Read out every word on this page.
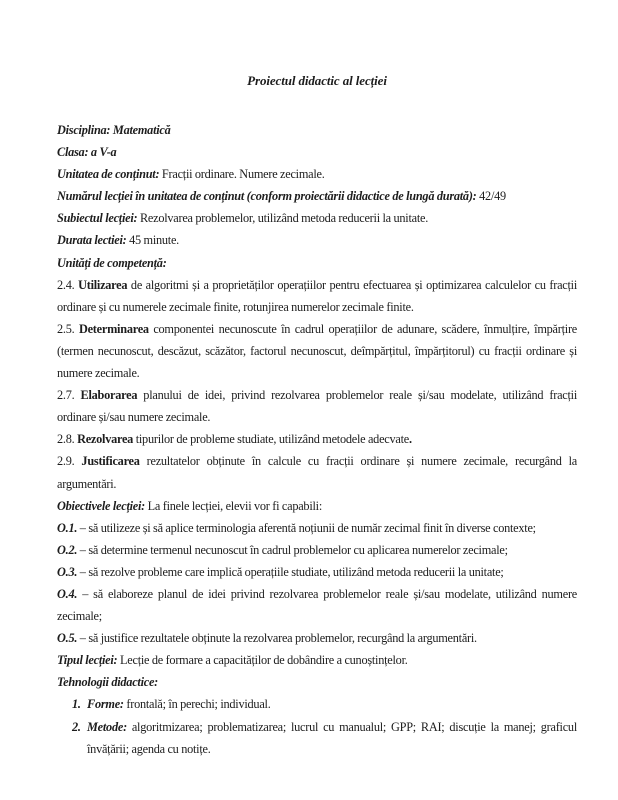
Proiectul didactic al lecției

Disciplina: Matematică

Clasa: a V-a

Unitatea de conținut: Fracții ordinare. Numere zecimale.

Numărul lecției în unitatea de conținut (conform proiectării didactice de lungă durată): 42/49

Subiectul lecției: Rezolvarea problemelor, utilizând metoda reducerii la unitate.

Durata lectiei: 45 minute.

Unități de competență:

2.4. Utilizarea de algoritmi și a proprietăților operațiilor pentru efectuarea și optimizarea calculelor cu fracții ordinare și cu numerele zecimale finite, rotunjirea numerelor zecimale finite.

2.5. Determinarea componentei necunoscute în cadrul operațiilor de adunare, scădere, înmulțire, împărțire (termen necunoscut, descăzut, scăzător, factorul necunoscut, deîmpărțitul, împărțitorul) cu fracții ordinare și numere zecimale.

2.7. Elaborarea planului de idei, privind rezolvarea problemelor reale și/sau modelate, utilizând fracții ordinare și/sau numere zecimale.

2.8. Rezolvarea tipurilor de probleme studiate, utilizând metodele adecvate.

2.9. Justificarea rezultatelor obținute în calcule cu fracții ordinare și numere zecimale, recurgând la argumentări.

Obiectivele lecției: La finele lecției, elevii vor fi capabili:

O.1. – să utilizeze și să aplice terminologia aferentă noțiunii de număr zecimal finit în diverse contexte;

O.2. – să determine termenul necunoscut în cadrul problemelor cu aplicarea numerelor zecimale;

O.3. – să rezolve probleme care implică operațiile studiate, utilizând metoda reducerii la unitate;

O.4. – să elaboreze planul de idei privind rezolvarea problemelor reale și/sau modelate, utilizând numere zecimale;

O.5. – să justifice rezultatele obținute la rezolvarea problemelor, recurgând la argumentări.

Tipul lecției: Lecție de formare a capacităților de dobândire a cunoștințelor.

Tehnologii didactice:

1. Forme: frontală; în perechi; individual.

2. Metode: algoritmizarea; problematizarea; lucrul cu manualul; GPP; RAI; discuție la manej; graficul învățării; agenda cu notițe.
